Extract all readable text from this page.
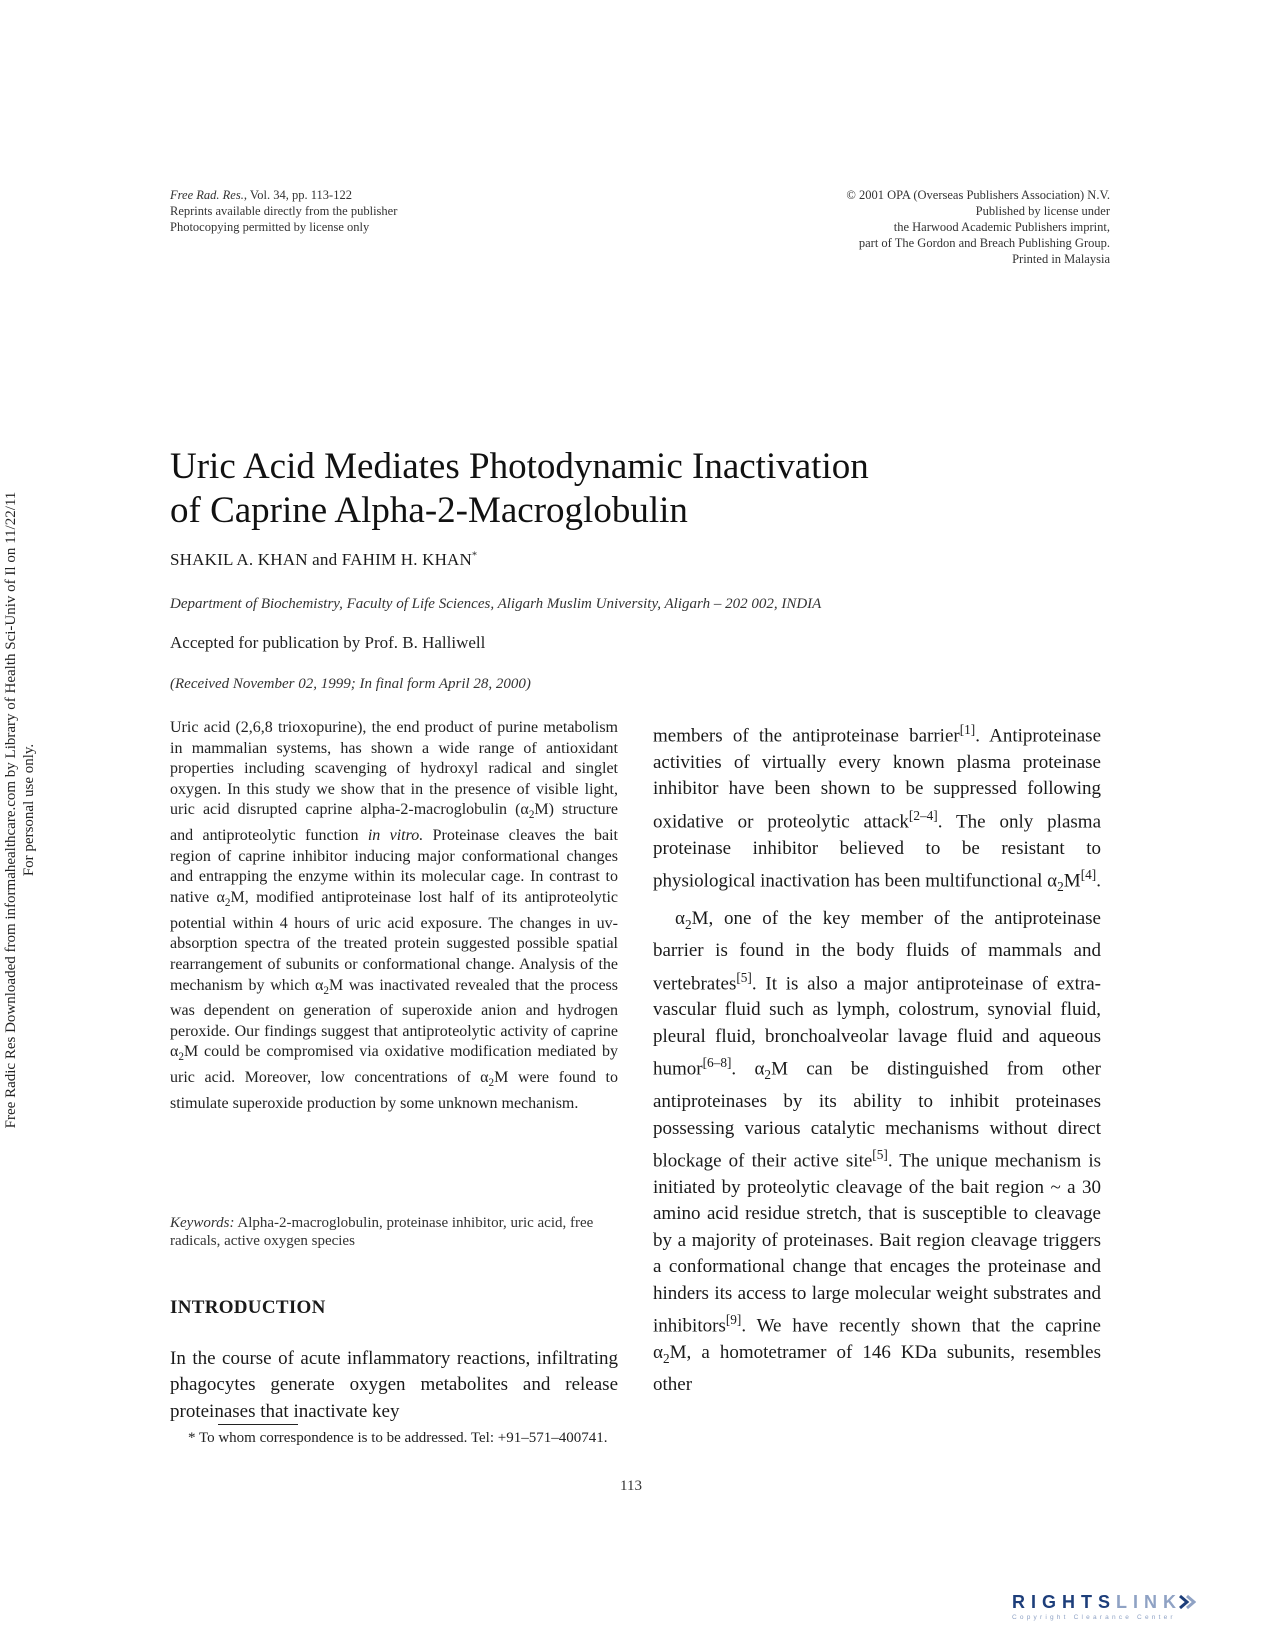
Free Rad. Res., Vol. 34, pp. 113-122
Reprints available directly from the publisher
Photocopying permitted by license only
© 2001 OPA (Overseas Publishers Association) N.V.
Published by license under
the Harwood Academic Publishers imprint,
part of The Gordon and Breach Publishing Group.
Printed in Malaysia
Free Radic Res Downloaded from informahealthcare.com by Library of Health Sci-Univ of Il on 11/22/11 For personal use only.
Uric Acid Mediates Photodynamic Inactivation
of Caprine Alpha-2-Macroglobulin
SHAKIL A. KHAN and FAHIM H. KHAN*
Department of Biochemistry, Faculty of Life Sciences, Aligarh Muslim University, Aligarh – 202 002, INDIA
Accepted for publication by Prof. B. Halliwell
(Received November 02, 1999; In final form April 28, 2000)
Uric acid (2,6,8 trioxopurine), the end product of purine metabolism in mammalian systems, has shown a wide range of antioxidant properties including scavenging of hydroxyl radical and singlet oxygen. In this study we show that in the presence of visible light, uric acid disrupted caprine alpha-2-macroglobulin $(\alpha_2M)$ structure and antiproteolytic function in vitro. Proteinase cleaves the bait region of caprine inhibitor inducing major conformational changes and entrapping the enzyme within its molecular cage. In contrast to native $\alpha_2M$, modified antiproteinase lost half of its antiproteolytic potential within 4 hours of uric acid exposure. The changes in uv-absorption spectra of the treated protein suggested possible spatial rearrangement of subunits or conformational change. Analysis of the mechanism by which $\alpha_2M$ was inactivated revealed that the process was dependent on generation of superoxide anion and hydrogen peroxide. Our findings suggest that antiproteolytic activity of caprine $\alpha_2M$ could be compromised via oxidative modification mediated by uric acid. Moreover, low concentrations of $\alpha_2M$ were found to stimulate superoxide production by some unknown mechanism.
Keywords: Alpha-2-macroglobulin, proteinase inhibitor, uric acid, free radicals, active oxygen species
INTRODUCTION
In the course of acute inflammatory reactions, infiltrating phagocytes generate oxygen metabolites and release proteinases that inactivate key

members of the antiproteinase barrier[1]. Antiproteinase activities of virtually every known plasma proteinase inhibitor have been shown to be suppressed following oxidative or proteolytic attack[2–4]. The only plasma proteinase inhibitor believed to be resistant to physiological inactivation has been multifunctional $\alpha_2M[4]$.

$\alpha_2M$, one of the key member of the antiproteinase barrier is found in the body fluids of mammals and vertebrates[5]. It is also a major antiproteinase of extra-vascular fluid such as lymph, colostrum, synovial fluid, pleural fluid, bronchoalveolar lavage fluid and aqueous humor[6–8]. $\alpha_2M$ can be distinguished from other antiproteinases by its ability to inhibit proteinases possessing various catalytic mechanisms without direct blockage of their active site[5]. The unique mechanism is initiated by proteolytic cleavage of the bait region ~ a 30 amino acid residue stretch, that is susceptible to cleavage by a majority of proteinases. Bait region cleavage triggers a conformational change that encages the proteinase and hinders its access to large molecular weight substrates and inhibitors[9]. We have recently shown that the caprine $\alpha_2M$, a homotetramer of 146 KDa subunits, resembles other

* To whom correspondence is to be addressed. Tel: +91–571–400741.
113
RIGHTSLINK
Copyright Clearance Center
